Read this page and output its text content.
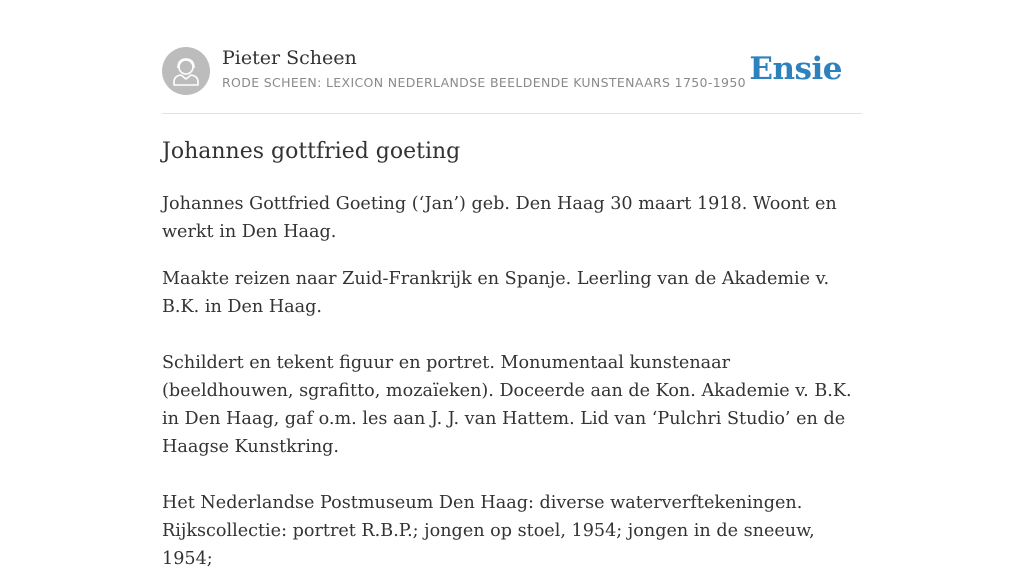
Pieter Scheen
RODE SCHEEN: LEXICON NEDERLANDSE BEELDENDE KUNSTENAARS 1750-1950 Ensie
Johannes gottfried goeting

Johannes Gottfried Goeting (‘Jan’) geb. Den Haag 30 maart 1918. Woont en werkt in Den Haag.

Maakte reizen naar Zuid-Frankrijk en Spanje. Leerling van de Akademie v. B.K. in Den Haag.

Schildert en tekent figuur en portret. Monumentaal kunstenaar (beeldhouwen, sgrafitto, mozaïeken). Doceerde aan de Kon. Akademie v. B.K. in Den Haag, gaf o.m. les aan J. J. van Hattem. Lid van ‘Pulchri Studio’ en de Haagse Kunstkring.

Het Nederlandse Postmuseum Den Haag: diverse waterverftekeningen. Rijkscollectie: portret R.B.P.; jongen op stoel, 1954; jongen in de sneeuw, 1954;
